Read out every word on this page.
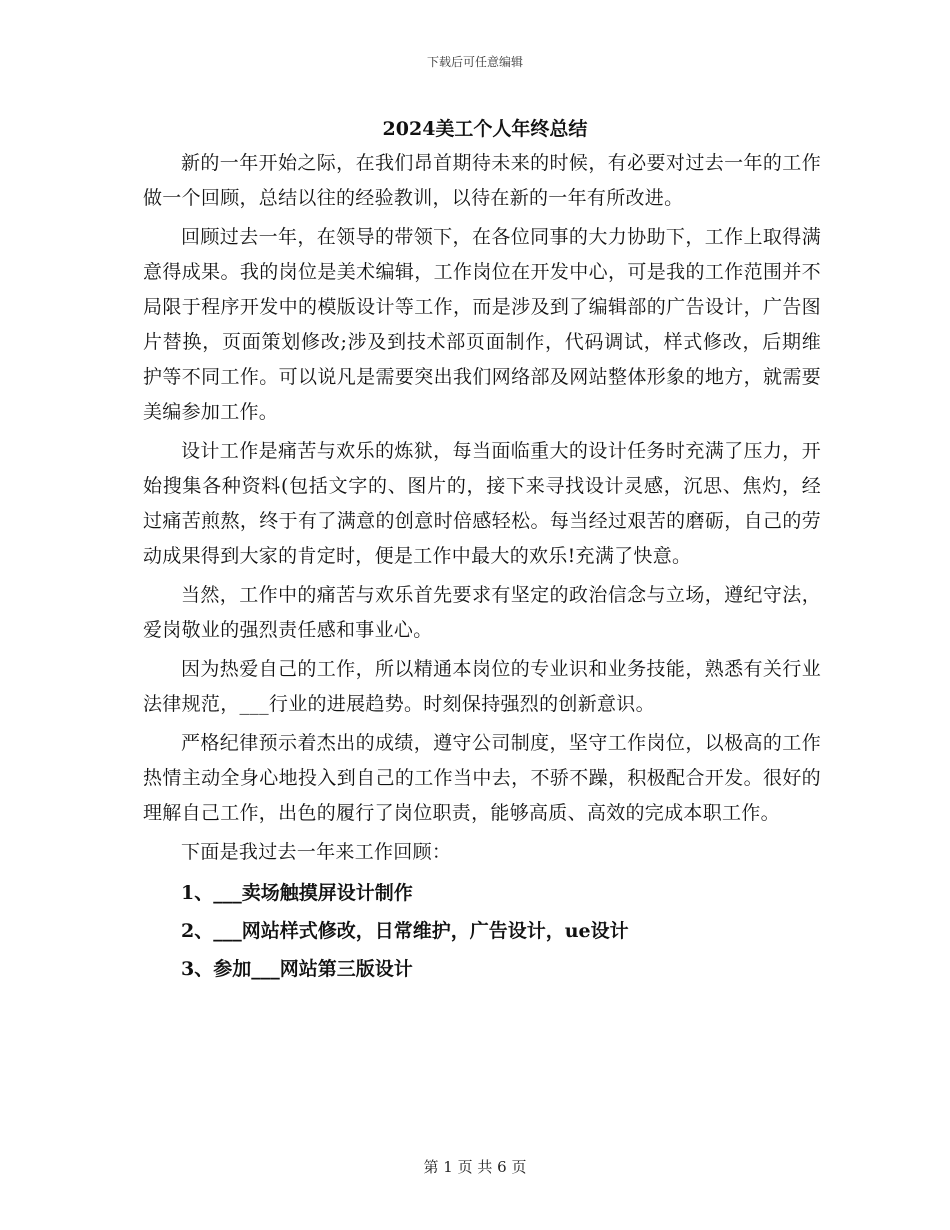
下载后可任意编辑
2024美工个人年终总结

新的一年开始之际，在我们昂首期待未来的时候，有必要对过去一年的工作做一个回顾，总结以往的经验教训，以待在新的一年有所改进。

回顾过去一年，在领导的带领下，在各位同事的大力协助下，工作上取得满意得成果。我的岗位是美术编辑，工作岗位在开发中心，可是我的工作范围并不局限于程序开发中的模版设计等工作，而是涉及到了编辑部的广告设计，广告图片替换，页面策划修改;涉及到技术部页面制作，代码调试，样式修改，后期维护等不同工作。可以说凡是需要突出我们网络部及网站整体形象的地方，就需要美编参加工作。

设计工作是痛苦与欢乐的炼狱，每当面临重大的设计任务时充满了压力，开始搜集各种资料(包括文字的、图片的，接下来寻找设计灵感，沉思、焦灼，经过痛苦煎熬，终于有了满意的创意时倍感轻松。每当经过艰苦的磨砺，自己的劳动成果得到大家的肯定时，便是工作中最大的欢乐!充满了快意。

当然，工作中的痛苦与欢乐首先要求有坚定的政治信念与立场，遵纪守法，爱岗敬业的强烈责任感和事业心。

因为热爱自己的工作，所以精通本岗位的专业识和业务技能，熟悉有关行业法律规范，___行业的进展趋势。时刻保持强烈的创新意识。

严格纪律预示着杰出的成绩，遵守公司制度，坚守工作岗位，以极高的工作热情主动全身心地投入到自己的工作当中去，不骄不躁，积极配合开发。很好的理解自己工作，出色的履行了岗位职责，能够高质、高效的完成本职工作。

下面是我过去一年来工作回顾：

1、___卖场触摸屏设计制作
2、___网站样式修改，日常维护，广告设计，ue设计
3、参加___网站第三版设计
第 1 页 共 6 页
